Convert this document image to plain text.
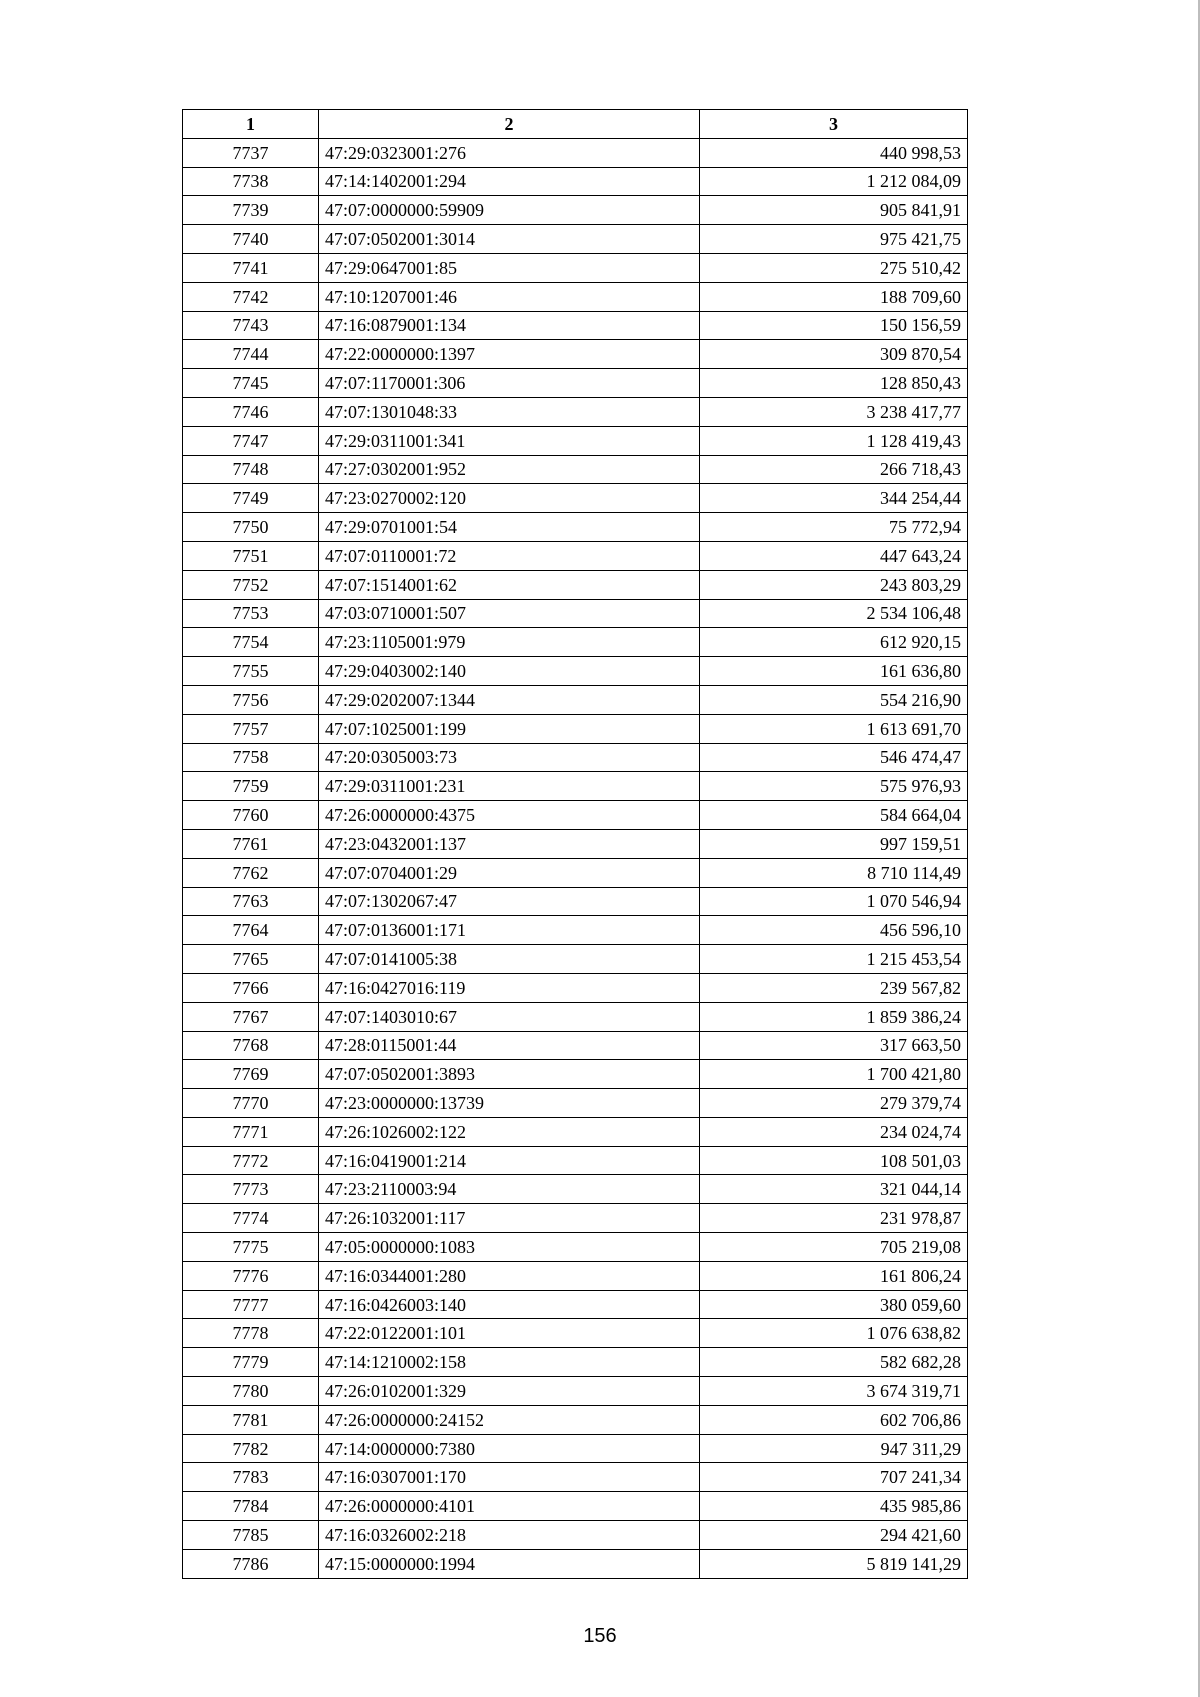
1	2	3
7737	47:29:0323001:276	440 998,53
7738	47:14:1402001:294	1 212 084,09
7739	47:07:0000000:59909	905 841,91
7740	47:07:0502001:3014	975 421,75
7741	47:29:0647001:85	275 510,42
7742	47:10:1207001:46	188 709,60
7743	47:16:0879001:134	150 156,59
7744	47:22:0000000:1397	309 870,54
7745	47:07:1170001:306	128 850,43
7746	47:07:1301048:33	3 238 417,77
7747	47:29:0311001:341	1 128 419,43
7748	47:27:0302001:952	266 718,43
7749	47:23:0270002:120	344 254,44
7750	47:29:0701001:54	75 772,94
7751	47:07:0110001:72	447 643,24
7752	47:07:1514001:62	243 803,29
7753	47:03:0710001:507	2 534 106,48
7754	47:23:1105001:979	612 920,15
7755	47:29:0403002:140	161 636,80
7756	47:29:0202007:1344	554 216,90
7757	47:07:1025001:199	1 613 691,70
7758	47:20:0305003:73	546 474,47
7759	47:29:0311001:231	575 976,93
7760	47:26:0000000:4375	584 664,04
7761	47:23:0432001:137	997 159,51
7762	47:07:0704001:29	8 710 114,49
7763	47:07:1302067:47	1 070 546,94
7764	47:07:0136001:171	456 596,10
7765	47:07:0141005:38	1 215 453,54
7766	47:16:0427016:119	239 567,82
7767	47:07:1403010:67	1 859 386,24
7768	47:28:0115001:44	317 663,50
7769	47:07:0502001:3893	1 700 421,80
7770	47:23:0000000:13739	279 379,74
7771	47:26:1026002:122	234 024,74
7772	47:16:0419001:214	108 501,03
7773	47:23:2110003:94	321 044,14
7774	47:26:1032001:117	231 978,87
7775	47:05:0000000:1083	705 219,08
7776	47:16:0344001:280	161 806,24
7777	47:16:0426003:140	380 059,60
7778	47:22:0122001:101	1 076 638,82
7779	47:14:1210002:158	582 682,28
7780	47:26:0102001:329	3 674 319,71
7781	47:26:0000000:24152	602 706,86
7782	47:14:0000000:7380	947 311,29
7783	47:16:0307001:170	707 241,34
7784	47:26:0000000:4101	435 985,86
7785	47:16:0326002:218	294 421,60
7786	47:15:0000000:1994	5 819 141,29
156
